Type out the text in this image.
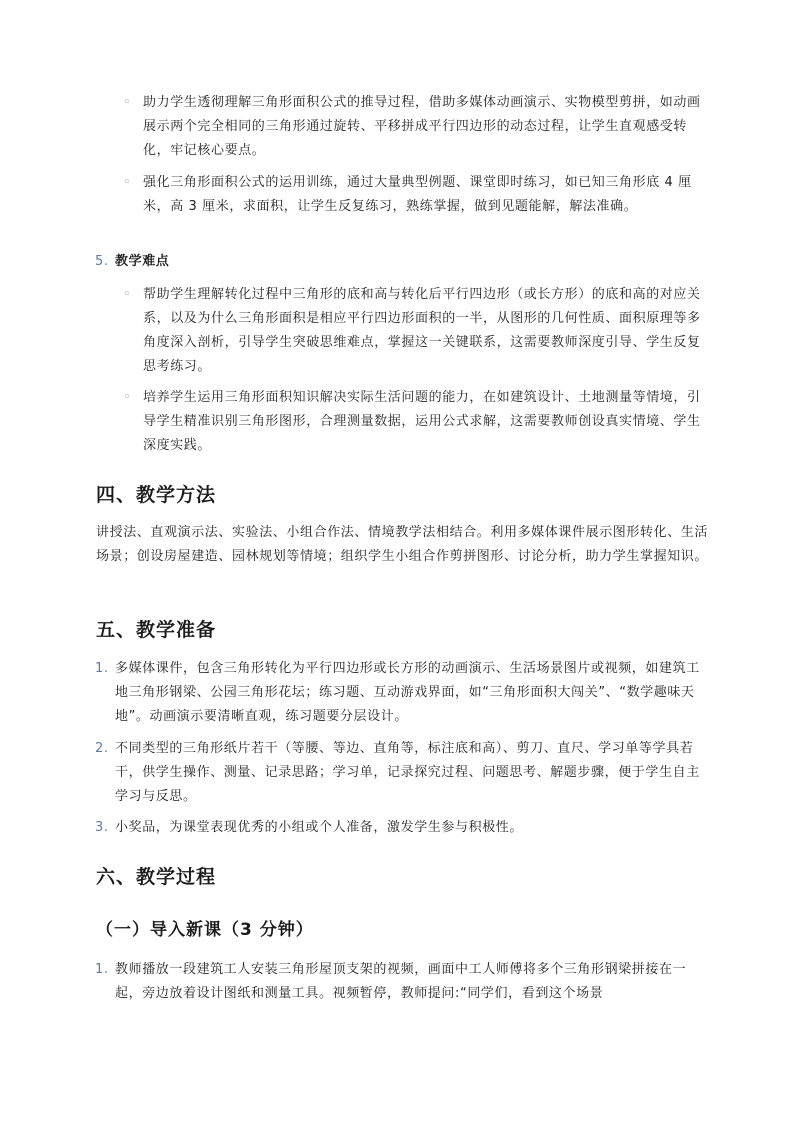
◦ 助力学生透彻理解三角形面积公式的推导过程，借助多媒体动画演示、实物模型剪拼，如动画展示两个完全相同的三角形通过旋转、平移拼成平行四边形的动态过程，让学生直观感受转化，牢记核心要点。
◦ 强化三角形面积公式的运用训练，通过大量典型例题、课堂即时练习，如已知三角形底 4 厘米，高 3 厘米，求面积，让学生反复练习，熟练掌握，做到见题能解，解法准确。
5. 教学难点
◦ 帮助学生理解转化过程中三角形的底和高与转化后平行四边形（或长方形）的底和高的对应关系，以及为什么三角形面积是相应平行四边形面积的一半，从图形的几何性质、面积原理等多角度深入剖析，引导学生突破思维难点，掌握这一关键联系，这需要教师深度引导、学生反复思考练习。
◦ 培养学生运用三角形面积知识解决实际生活问题的能力，在如建筑设计、土地测量等情境，引导学生精准识别三角形图形，合理测量数据，运用公式求解，这需要教师创设真实情境、学生深度实践。
四、教学方法
讲授法、直观演示法、实验法、小组合作法、情境教学法相结合。利用多媒体课件展示图形转化、生活场景；创设房屋建造、园林规划等情境；组织学生小组合作剪拼图形、讨论分析，助力学生掌握知识。
五、教学准备
1. 多媒体课件，包含三角形转化为平行四边形或长方形的动画演示、生活场景图片或视频，如建筑工地三角形钢梁、公园三角形花坛；练习题、互动游戏界面，如“三角形面积大闯关”、“数学趣味天地”。动画演示要清晰直观，练习题要分层设计。
2. 不同类型的三角形纸片若干（等腰、等边、直角等，标注底和高）、剪刀、直尺、学习单等学具若干，供学生操作、测量、记录思路；学习单，记录探究过程、问题思考、解题步骤，便于学生自主学习与反思。
3. 小奖品，为课堂表现优秀的小组或个人准备，激发学生参与积极性。
六、教学过程
（一）导入新课（3 分钟）
1. 教师播放一段建筑工人安装三角形屋顶支架的视频，画面中工人师傅将多个三角形钢梁拼接在一起，旁边放着设计图纸和测量工具。视频暂停，教师提问:“同学们，看到这个场景
